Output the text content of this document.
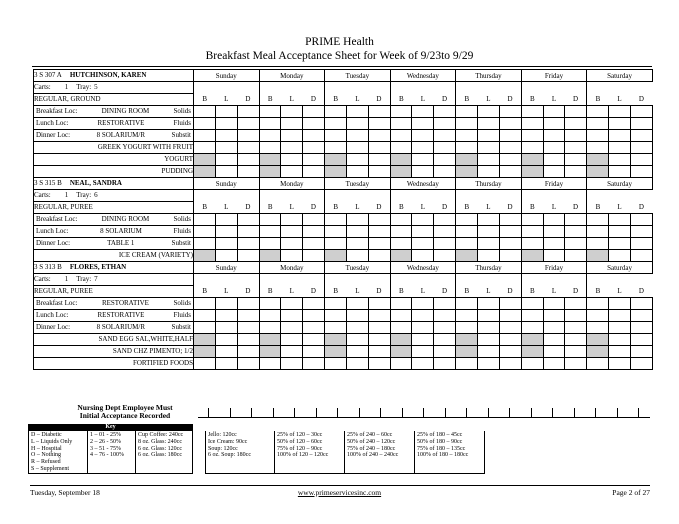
PRIME Health
Breakfast Meal Acceptance Sheet for Week of 9/23to 9/29
3 S 307 A HUTCHINSON, KAREN	Sunday			Monday			Tuesday			Wednesday			Thursday			Friday			Saturday		
Carts: 1 Tray: 5																					
REGULAR, GROUND	B	L	D	B	L	D	B	L	D	B	L	D	B	L	D	B	L	D	B	L	D

Breakfast Loc: DINING ROOM Solids																					

Lunch Loc: RESTORATIVE Fluids																					

Dinner Loc: 8 SOLARIUM/R Substit																					

GREEK YOGURT WITH FRUIT																					
YOGURT																					
PUDDING																					
3 S 315 B NEAL, SANDRA	Sunday			Monday			Tuesday			Wednesday			Thursday			Friday			Saturday		
Carts: 1 Tray: 6																					
REGULAR, PUREE	B	L	D	B	L	D	B	L	D	B	L	D	B	L	D	B	L	D	B	L	D

Breakfast Loc: DINING ROOM Solids																					

Lunch Loc: 8 SOLARIUM Fluids																					

Dinner Loc: TABLE 1 Substit																					

ICE CREAM (VARIETY)																					
3 S 313 B FLORES, ETHAN	Sunday			Monday			Tuesday			Wednesday			Thursday			Friday			Saturday		
Carts: 1 Tray: 7																					
REGULAR, PUREE	B	L	D	B	L	D	B	L	D	B	L	D	B	L	D	B	L	D	B	L	D

Breakfast Loc: RESTORATIVE Solids																					

Lunch Loc: RESTORATIVE Fluids																					

Dinner Loc: 8 SOLARIUM/R Substit																					

SAND EGG SAL,WHITE,HALF																					
SAND CHZ PIMENTO; 1/2																					
FORTIFIED FOODS																					
Nursing Dept Employee Must
Initial Acceptance Recorded
Key
D – Diabetic
L – Liquids Only
H – Hospital
O – Nothing
R – Refused
S – Supplement
1 – 01 - 25%
2 – 26 - 50%
3 – 51 - 75%
4 – 76 - 100%
Cup Coffee: 240cc
8 oz. Glass: 240cc
6 oz. Glass: 120cc
6 oz. Glass: 180cc
Jello: 120cc
Ice Cream: 90cc
Soup: 120cc
6 oz. Soup: 180cc
25% of 120 – 30cc
50% of 120 – 60cc
75% of 120 – 90cc
100% of 120 – 120cc
25% of 240 – 60cc
50% of 240 – 120cc
75% of 240 – 180cc
100% of 240 – 240cc
25% of 180 – 45cc
50% of 180 – 90cc
75% of 180 – 135cc
100% of 180 – 180cc
Tuesday, September 18	www.primeservicesinc.com	Page 2 of 27
